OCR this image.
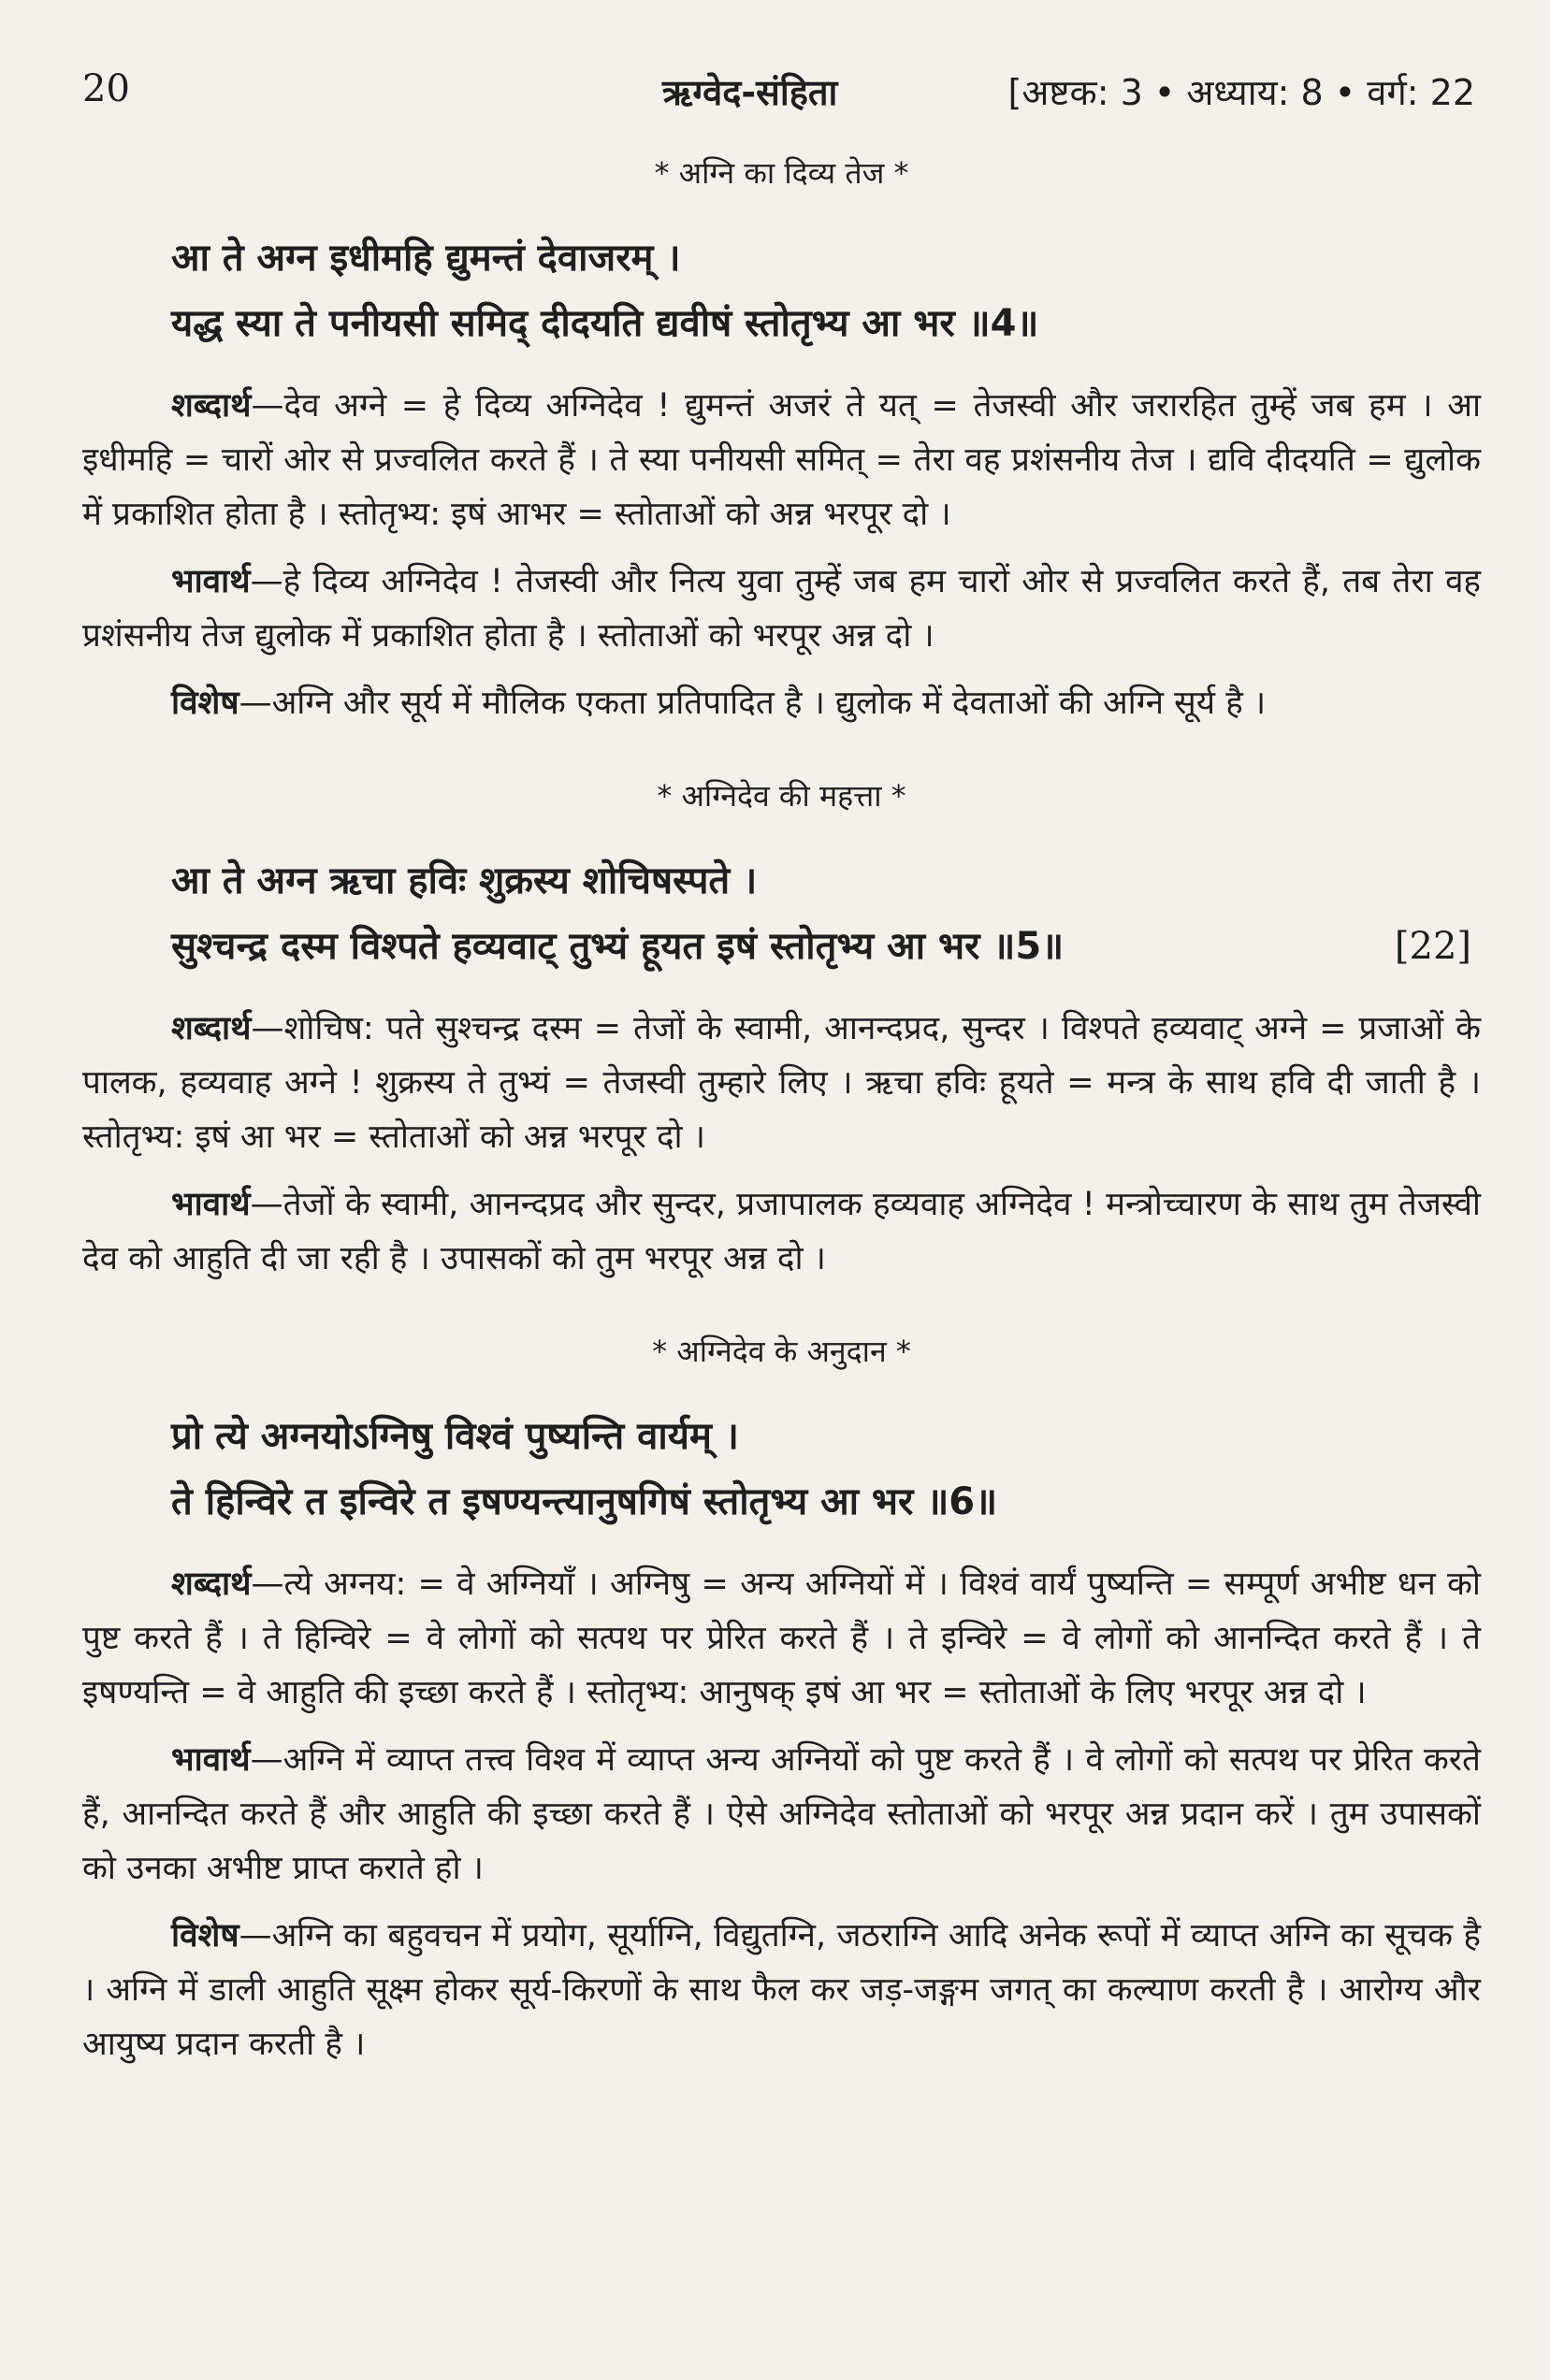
20	ऋग्वेद-संहिता	[अष्टक: 3 • अध्याय: 8 • वर्ग: 22
* अग्नि का दिव्य तेज *
आ ते अग्न इधीमहि द्युमन्तं देवाजरम् ।
यद्ध स्या ते पनीयसी समिद् दीदयति द्यवीषं स्तोतृभ्य आ भर ॥4॥

शब्दार्थ—देव अग्ने = हे दिव्य अग्निदेव ! द्युमन्तं अजरं ते यत् = तेजस्वी और जरारहित तुम्हें जब हम । आ इधीमहि = चारों ओर से प्रज्वलित करते हैं । ते स्या पनीयसी समित् = तेरा वह प्रशंसनीय तेज । द्यवि दीदयति = द्युलोक में प्रकाशित होता है । स्तोतृभ्य: इषं आभर = स्तोताओं को अन्न भरपूर दो ।

भावार्थ—हे दिव्य अग्निदेव ! तेजस्वी और नित्य युवा तुम्हें जब हम चारों ओर से प्रज्वलित करते हैं, तब तेरा वह प्रशंसनीय तेज द्युलोक में प्रकाशित होता है । स्तोताओं को भरपूर अन्न दो ।

विशेष—अग्नि और सूर्य में मौलिक एकता प्रतिपादित है । द्युलोक में देवताओं की अग्नि सूर्य है ।

* अग्निदेव की महत्ता *
आ ते अग्न ऋचा हविः शुक्रस्य शोचिषस्पते ।
सुश्चन्द्र दस्म विश्पते हव्यवाट् तुभ्यं हूयत इषं स्तोतृभ्य आ भर ॥5॥	[22]

शब्दार्थ—शोचिष: पते सुश्चन्द्र दस्म = तेजों के स्वामी, आनन्दप्रद, सुन्दर । विश्पते हव्यवाट् अग्ने = प्रजाओं के पालक, हव्यवाह अग्ने ! शुक्रस्य ते तुभ्यं = तेजस्वी तुम्हारे लिए । ऋचा हविः हूयते = मन्त्र के साथ हवि दी जाती है । स्तोतृभ्य: इषं आ भर = स्तोताओं को अन्न भरपूर दो ।

भावार्थ—तेजों के स्वामी, आनन्दप्रद और सुन्दर, प्रजापालक हव्यवाह अग्निदेव ! मन्त्रोच्चारण के साथ तुम तेजस्वी देव को आहुति दी जा रही है । उपासकों को तुम भरपूर अन्न दो ।

* अग्निदेव के अनुदान *
प्रो त्ये अग्नयोऽग्निषु विश्वं पुष्यन्ति वार्यम् ।
ते हिन्विरे त इन्विरे त इषण्यन्त्यानुषगिषं स्तोतृभ्य आ भर ॥6॥

शब्दार्थ—त्ये अग्नय: = वे अग्नियाँ । अग्निषु = अन्य अग्नियों में । विश्वं वार्यं पुष्यन्ति = सम्पूर्ण अभीष्ट धन को पुष्ट करते हैं । ते हिन्विरे = वे लोगों को सत्पथ पर प्रेरित करते हैं । ते इन्विरे = वे लोगों को आनन्दित करते हैं । ते इषण्यन्ति = वे आहुति की इच्छा करते हैं । स्तोतृभ्य: आनुषक् इषं आ भर = स्तोताओं के लिए भरपूर अन्न दो ।

भावार्थ—अग्नि में व्याप्त तत्त्व विश्व में व्याप्त अन्य अग्नियों को पुष्ट करते हैं । वे लोगों को सत्पथ पर प्रेरित करते हैं, आनन्दित करते हैं और आहुति की इच्छा करते हैं । ऐसे अग्निदेव स्तोताओं को भरपूर अन्न प्रदान करें । तुम उपासकों को उनका अभीष्ट प्राप्त कराते हो ।

विशेष—अग्नि का बहुवचन में प्रयोग, सूर्याग्नि, विद्युतग्नि, जठराग्नि आदि अनेक रूपों में व्याप्त अग्नि का सूचक है । अग्नि में डाली आहुति सूक्ष्म होकर सूर्य-किरणों के साथ फैल कर जड़-जङ्गम जगत् का कल्याण करती है । आरोग्य और आयुष्य प्रदान करती है ।
